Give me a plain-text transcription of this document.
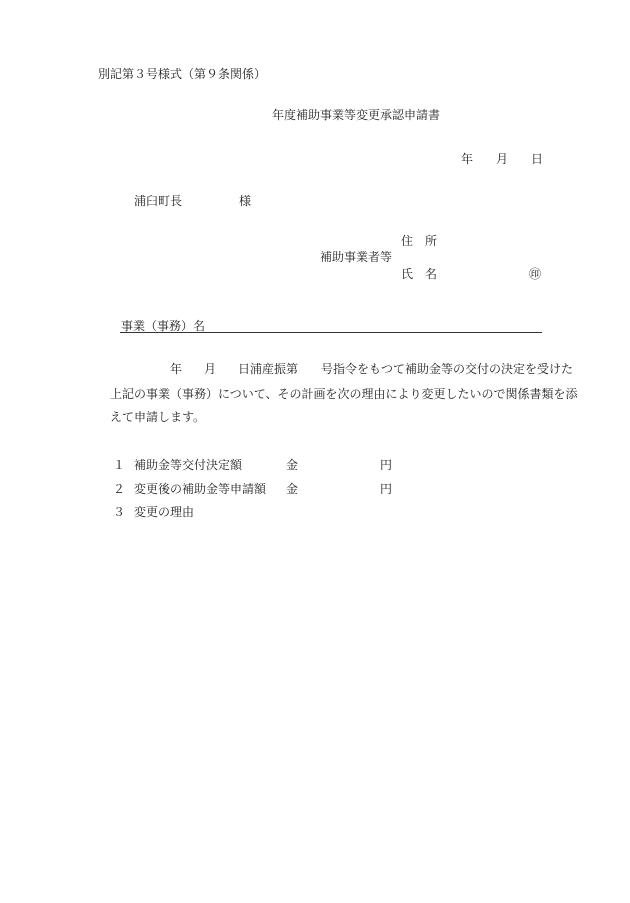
別記第３号様式（第９条関係）
年度補助事業等変更承認申請書
年 月 日
浦臼町長	様
住　所
補助事業者等
氏　名	㊞
事業（事務）名
年 月 日浦産振第 号指令をもつて補助金等の交付の決定を受けた
上記の事業（事務）について、その計画を次の理由により変更したいので関係書類を添
えて申請します。
１ 補助金等交付決定額	金	円
２ 変更後の補助金等申請額 金	円
３ 変更の理由
